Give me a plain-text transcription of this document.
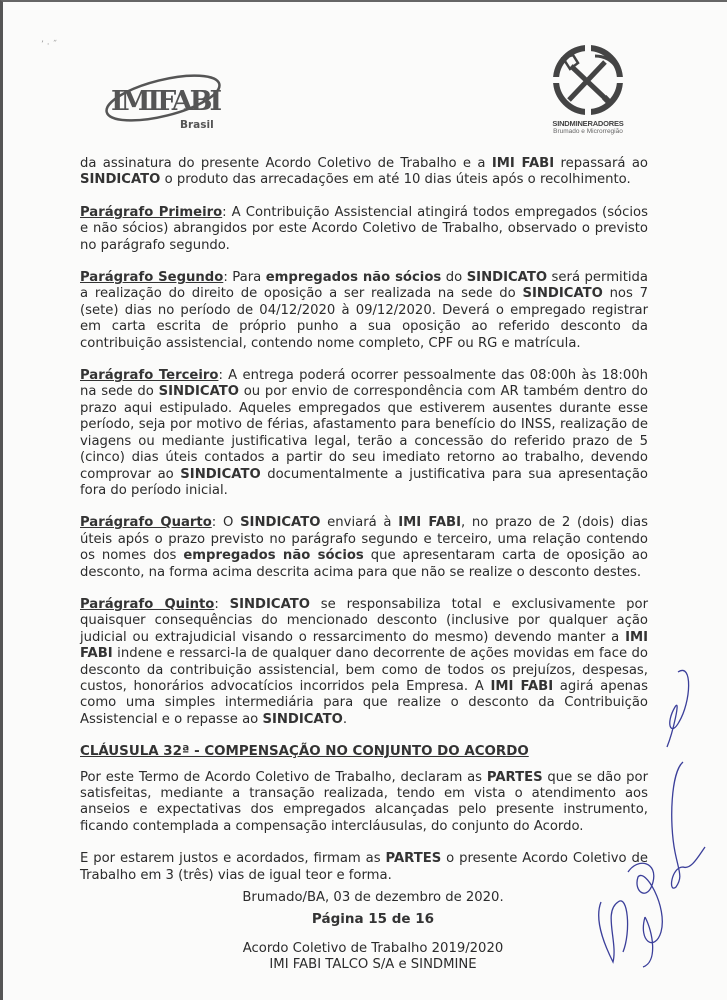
’ · ˝
IMIFABI
Brasil	SINDMINERADORES
Brumado e Microrregião

da assinatura do presente Acordo Coletivo de Trabalho e a IMI FABI repassará ao SINDICATO o produto das arrecadações em até 10 dias úteis após o recolhimento.

Parágrafo Primeiro: A Contribuição Assistencial atingirá todos empregados (sócios e não sócios) abrangidos por este Acordo Coletivo de Trabalho, observado o previsto no parágrafo segundo.

Parágrafo Segundo: Para empregados não sócios do SINDICATO será permitida a realização do direito de oposição a ser realizada na sede do SINDICATO nos 7 (sete) dias no período de 04/12/2020 à 09/12/2020. Deverá o empregado registrar em carta escrita de próprio punho a sua oposição ao referido desconto da contribuição assistencial, contendo nome completo, CPF ou RG e matrícula.

Parágrafo Terceiro: A entrega poderá ocorrer pessoalmente das 08:00h às 18:00h na sede do SINDICATO ou por envio de correspondência com AR também dentro do prazo aqui estipulado. Aqueles empregados que estiverem ausentes durante esse período, seja por motivo de férias, afastamento para benefício do INSS, realização de viagens ou mediante justificativa legal, terão a concessão do referido prazo de 5 (cinco) dias úteis contados a partir do seu imediato retorno ao trabalho, devendo comprovar ao SINDICATO documentalmente a justificativa para sua apresentação fora do período inicial.

Parágrafo Quarto: O SINDICATO enviará à IMI FABI, no prazo de 2 (dois) dias úteis após o prazo previsto no parágrafo segundo e terceiro, uma relação contendo os nomes dos empregados não sócios que apresentaram carta de oposição ao desconto, na forma acima descrita acima para que não se realize o desconto destes.

Parágrafo Quinto: SINDICATO se responsabiliza total e exclusivamente por quaisquer consequências do mencionado desconto (inclusive por qualquer ação judicial ou extrajudicial visando o ressarcimento do mesmo) devendo manter a IMI FABI indene e ressarci-la de qualquer dano decorrente de ações movidas em face do desconto da contribuição assistencial, bem como de todos os prejuízos, despesas, custos, honorários advocatícios incorridos pela Empresa. A IMI FABI agirá apenas como uma simples intermediária para que realize o desconto da Contribuição Assistencial e o repasse ao SINDICATO.

CLÁUSULA 32ª - COMPENSAÇÃO NO CONJUNTO DO ACORDO

Por este Termo de Acordo Coletivo de Trabalho, declaram as PARTES que se dão por satisfeitas, mediante a transação realizada, tendo em vista o atendimento aos anseios e expectativas dos empregados alcançadas pelo presente instrumento, ficando contemplada a compensação intercláusulas, do conjunto do Acordo.

E por estarem justos e acordados, firmam as PARTES o presente Acordo Coletivo de Trabalho em 3 (três) vias de igual teor e forma.

Brumado/BA, 03 de dezembro de 2020.
Página 15 de 16
Acordo Coletivo de Trabalho 2019/2020
IMI FABI TALCO S/A e SINDMINE
